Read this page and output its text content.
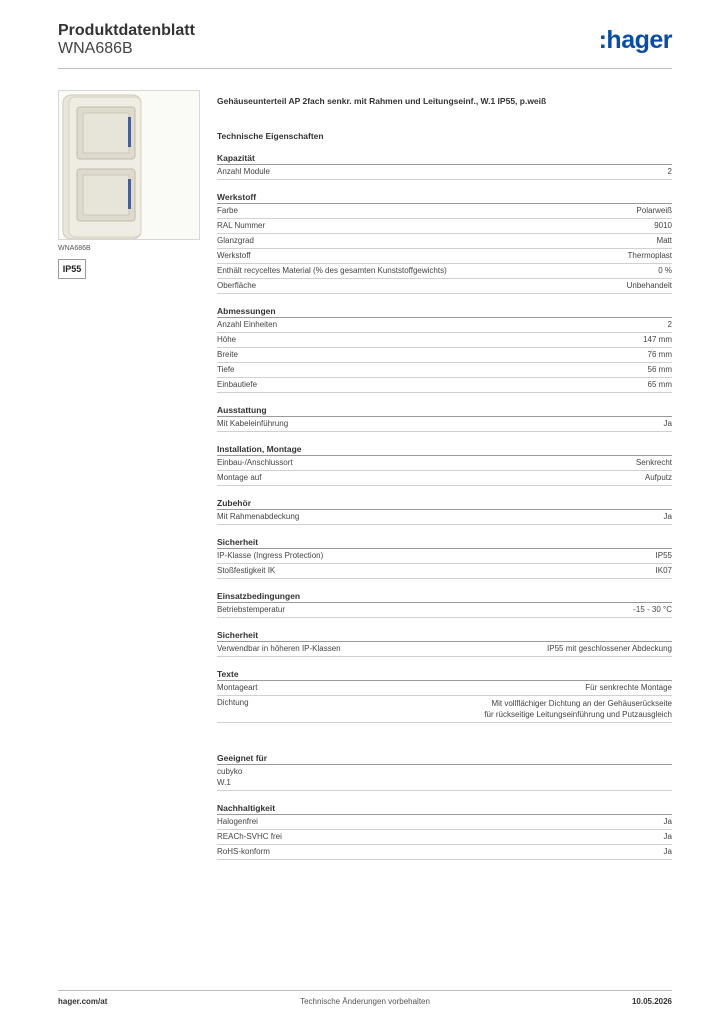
Produktdatenblatt
WNA686B	:hager
WNA686B
IP55
Gehäuseunterteil AP 2fach senkr. mit Rahmen und Leitungseinf., W.1 IP55, p.weiß
Technische Eigenschaften
Kapazität
Anzahl Module	2
Werkstoff
Farbe	Polarweiß
RAL Nummer	9010
Glanzgrad	Matt
Werkstoff	Thermoplast
Enthält recyceltes Material (% des gesamten Kunststoffgewichts)	0 %
Oberfläche	Unbehandelt
Abmessungen
Anzahl Einheiten	2
Höhe	147 mm
Breite	76 mm
Tiefe	56 mm
Einbautiefe	65 mm
Ausstattung
Mit Kabeleinführung	Ja
Installation, Montage
Einbau-/Anschlussort	Senkrecht
Montage auf	Aufputz
Zubehör
Mit Rahmenabdeckung	Ja
Sicherheit
IP-Klasse (Ingress Protection)	IP55
Stoßfestigkeit IK	IK07
Einsatzbedingungen
Betriebstemperatur	-15 - 30 °C
Sicherheit
Verwendbar in höheren IP-Klassen	IP55 mit geschlossener Abdeckung
Texte
Montageart	Für senkrechte Montage
Dichtung	Mit vollflächiger Dichtung an der Gehäuserückseite für rückseitige Leitungseinführung und Putzausgleich
Geeignet für
cubyko
W.1
Nachhaltigkeit
Halogenfrei	Ja
REACh-SVHC frei	Ja
RoHS-konform	Ja
hager.com/at	Technische Änderungen vorbehalten	10.05.2026
